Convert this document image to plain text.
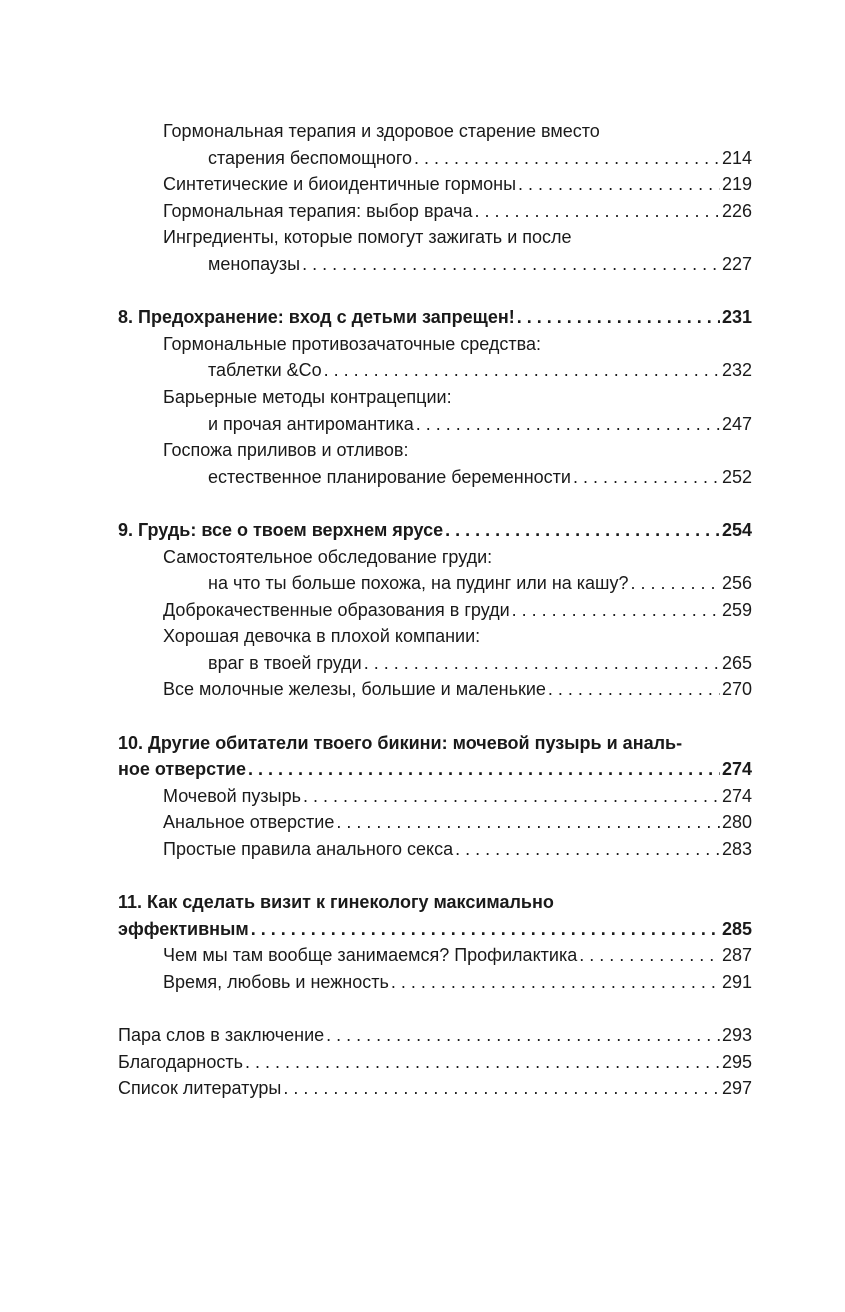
Гормональная терапия и здоровое старение вместо
старения беспомощного . . .	214
Синтетические и биоидентичные гормоны . . .	219
Гормональная терапия: выбор врача . . .	226
Ингредиенты, которые помогут зажигать и после
менопаузы . . .	227
8. Предохранение: вход с детьми запрещен! . . .	231
Гормональные противозачаточные средства:
таблетки &Co . . .	232
Барьерные методы контрацепции:
и прочая антиромантика . . .	247
Госпожа приливов и отливов:
естественное планирование беременности . . .	252
9. Грудь: все о твоем верхнем ярусе . . .	254
Самостоятельное обследование груди:
на что ты больше похожа, на пудинг или на кашу? . . .	256
Доброкачественные образования в груди . . .	259
Хорошая девочка в плохой компании:
враг в твоей груди . . .	265
Все молочные железы, большие и маленькие . . .	270
10. Другие обитатели твоего бикини: мочевой пузырь и аналь-
ное отверстие . . .	274
Мочевой пузырь . . .	274
Анальное отверстие . . .	280
Простые правила анального секса . . .	283
11. Как сделать визит к гинекологу максимально
эффективным . . .	285
Чем мы там вообще занимаемся? Профилактика . . .	287
Время, любовь и нежность . . .	291
Пара слов в заключение . . .	293
Благодарность . . .	295
Список литературы . . .	297
